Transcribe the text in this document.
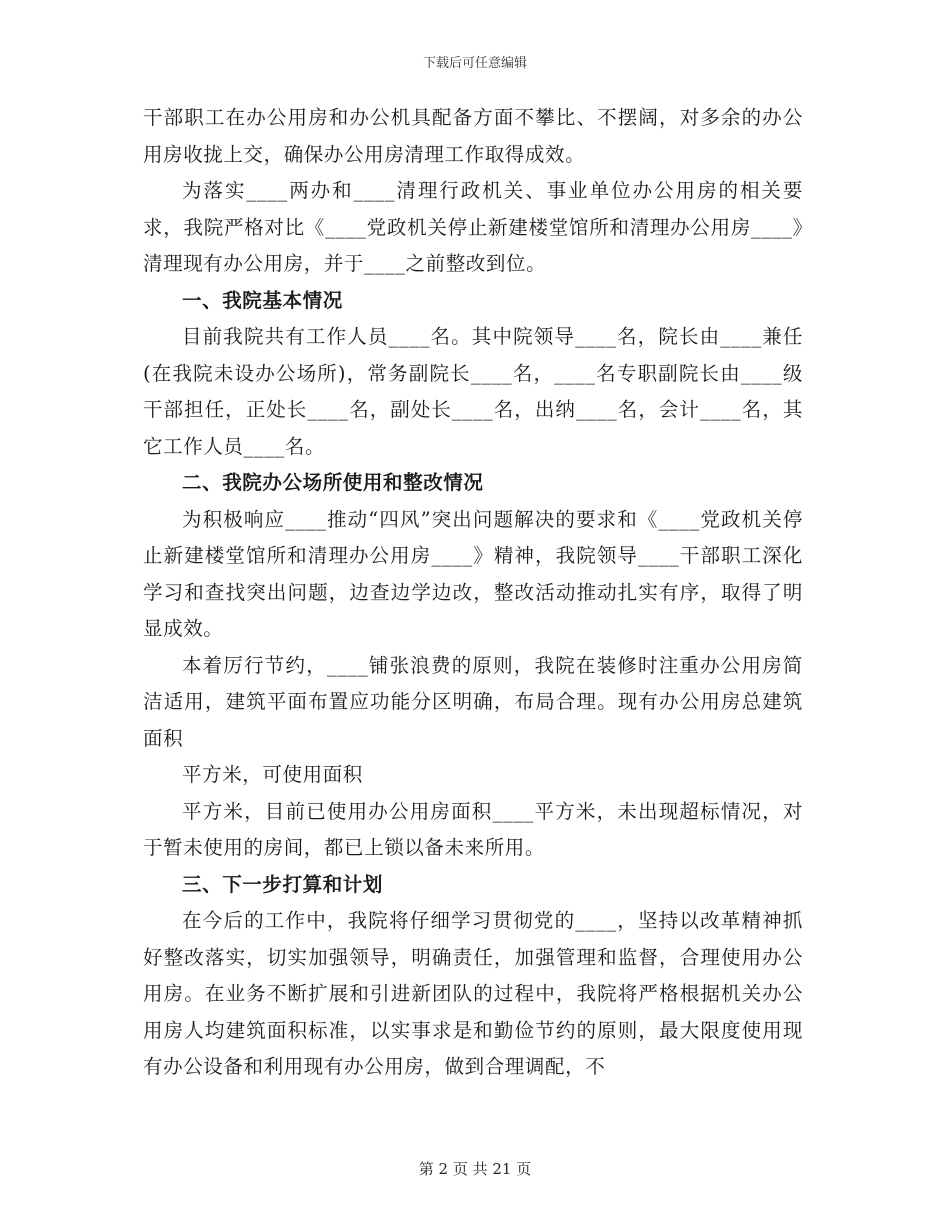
下载后可任意编辑

干部职工在办公用房和办公机具配备方面不攀比、不摆阔，对多余的办公用房收拢上交，确保办公用房清理工作取得成效。

为落实____两办和____清理行政机关、事业单位办公用房的相关要求，我院严格对比《____党政机关停止新建楼堂馆所和清理办公用房____》清理现有办公用房，并于____之前整改到位。

一、我院基本情况

目前我院共有工作人员____名。其中院领导____名，院长由____兼任(在我院未设办公场所)，常务副院长____名，____名专职副院长由____级干部担任，正处长____名，副处长____名，出纳____名，会计____名，其它工作人员____名。

二、我院办公场所使用和整改情况

为积极响应____推动“四风”突出问题解决的要求和《____党政机关停止新建楼堂馆所和清理办公用房____》精神，我院领导____干部职工深化学习和查找突出问题，边查边学边改，整改活动推动扎实有序，取得了明显成效。

本着厉行节约，____铺张浪费的原则，我院在装修时注重办公用房简洁适用，建筑平面布置应功能分区明确，布局合理。现有办公用房总建筑面积

平方米，可使用面积

平方米，目前已使用办公用房面积____平方米，未出现超标情况，对于暂未使用的房间，都已上锁以备未来所用。

三、下一步打算和计划

在今后的工作中，我院将仔细学习贯彻党的____，坚持以改革精神抓好整改落实，切实加强领导，明确责任，加强管理和监督，合理使用办公用房。在业务不断扩展和引进新团队的过程中，我院将严格根据机关办公用房人均建筑面积标准，以实事求是和勤俭节约的原则，最大限度使用现有办公设备和利用现有办公用房，做到合理调配，不

第 2 页 共 21 页
